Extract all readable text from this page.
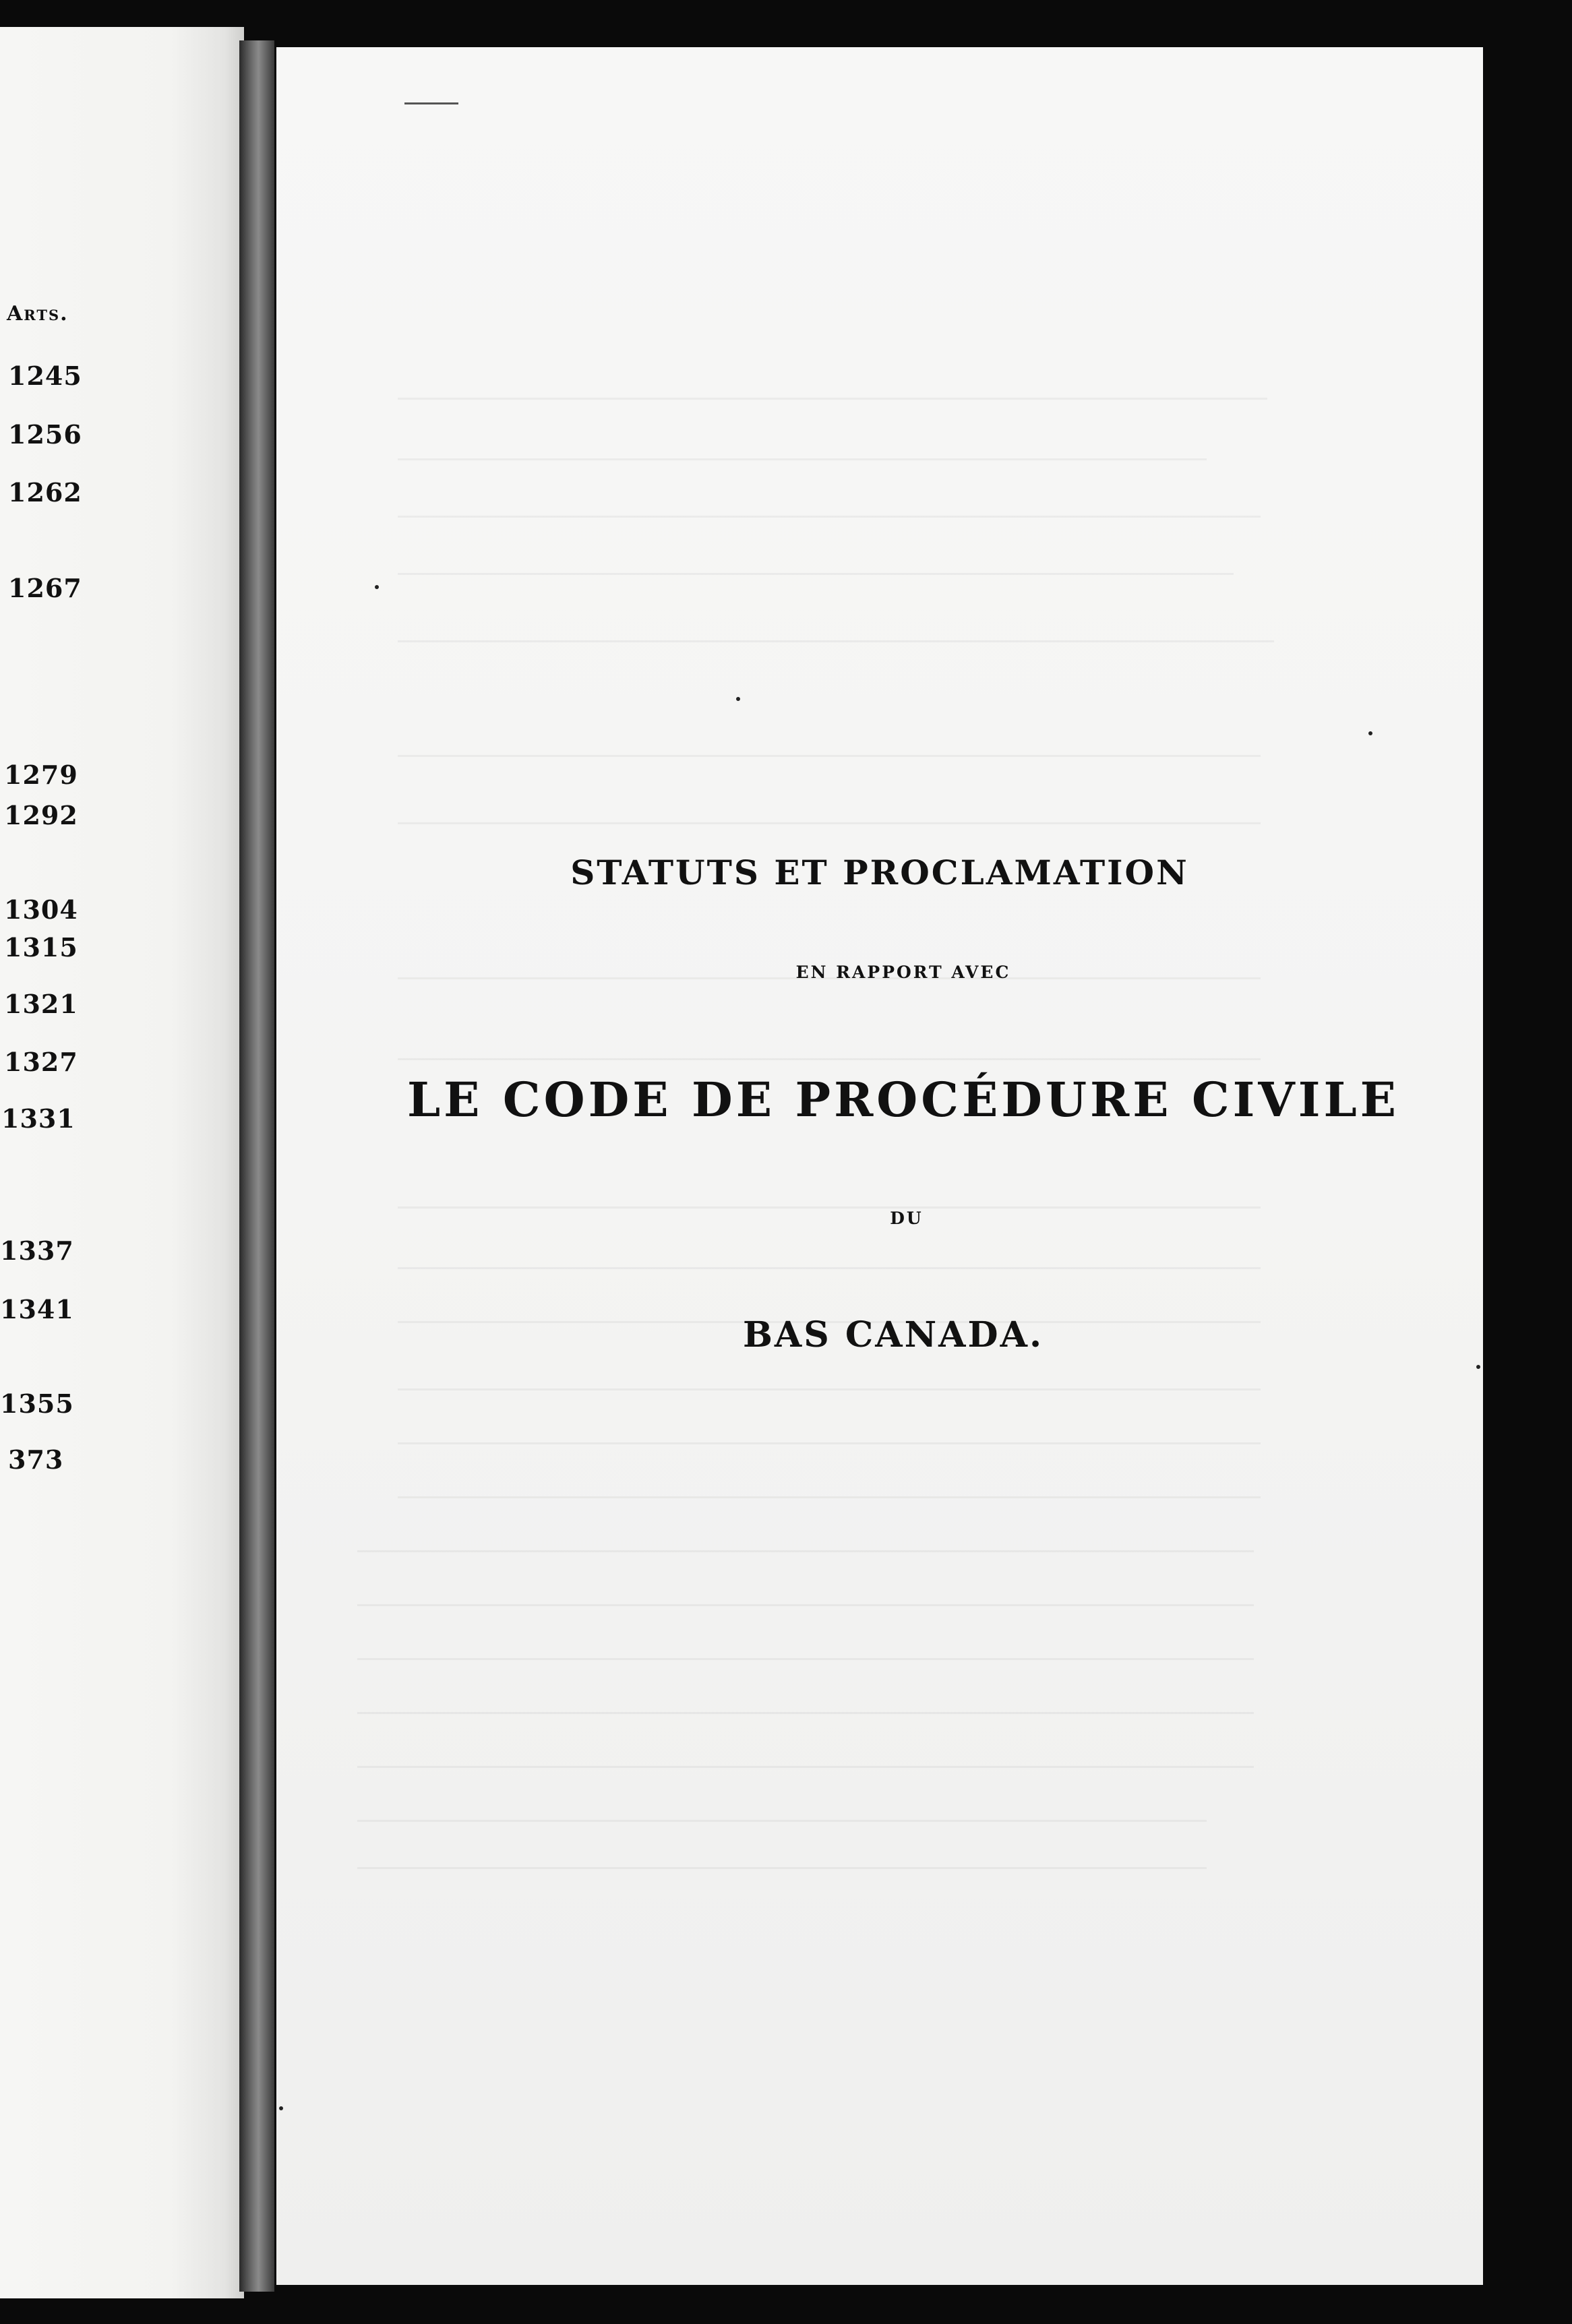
Arts.
1245
1256
1262
1267
1279
1292
1304
1315
1321
1327
1331
1337
1341
1355
373
STATUTS ET PROCLAMATION
EN RAPPORT AVEC
LE CODE DE PROCÉDURE CIVILE
DU
BAS CANADA.
